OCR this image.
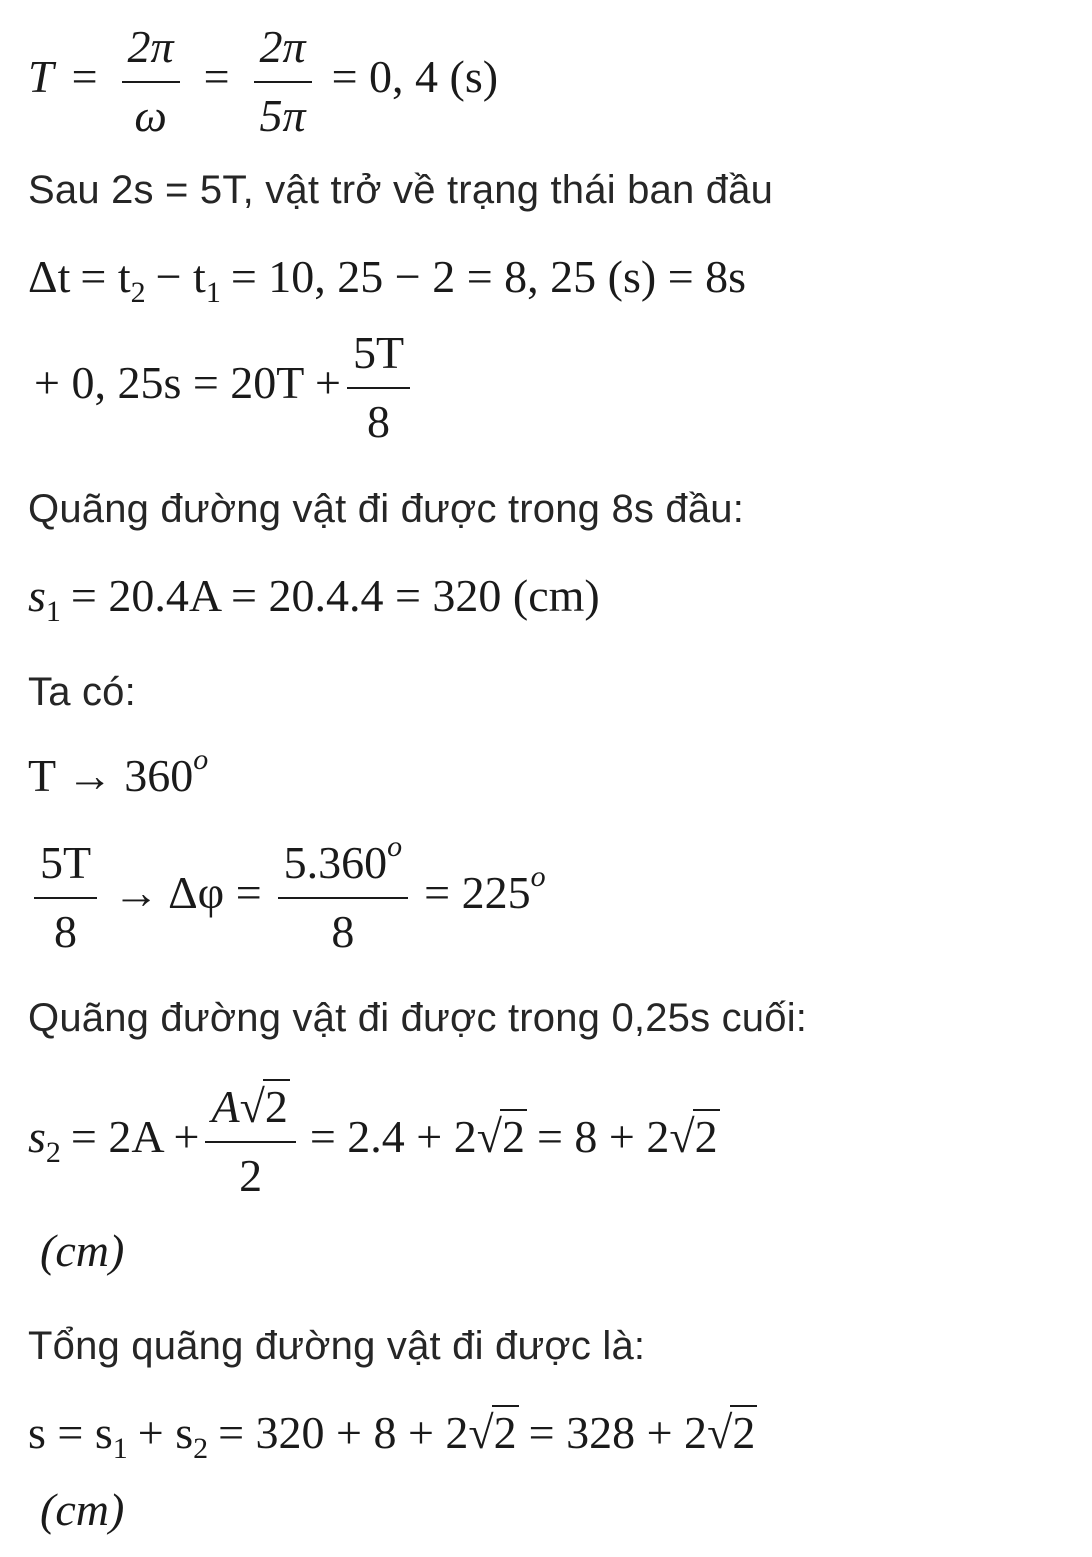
$T = \frac{2\pi}{\omega} = \frac{2\pi}{5\pi} = 0$, 4 (s)
Sau 2s = 5T, vật trở về trạng thái ban đầu
$\Delta t = t_2 - t_1 = 10$, 25 − 2 = 8, 25 (s) = 8s
+ 0, $25s = 20T + \frac{5T}{8}$
Quãng đường vật đi được trong 8s đầu:
$s_1 = 20.4A = 20.4.4 = 320$ (cm)
Ta có:
$T \to 360^o$
$\frac{5T}{8} \to \Delta\varphi = \frac{5.360^o}{8} = 225^o$
Quãng đường vật đi được trong 0,25s cuối:
$s_2 = 2A + \frac{A√2}{2} = 2.4 + 2√2 = 8 + 2√2$
(cm)
Tổng quãng đường vật đi được là:
$s = s_1 + s_2 = 320 + 8 + 2√2 = 328 + 2√2$
(cm)
